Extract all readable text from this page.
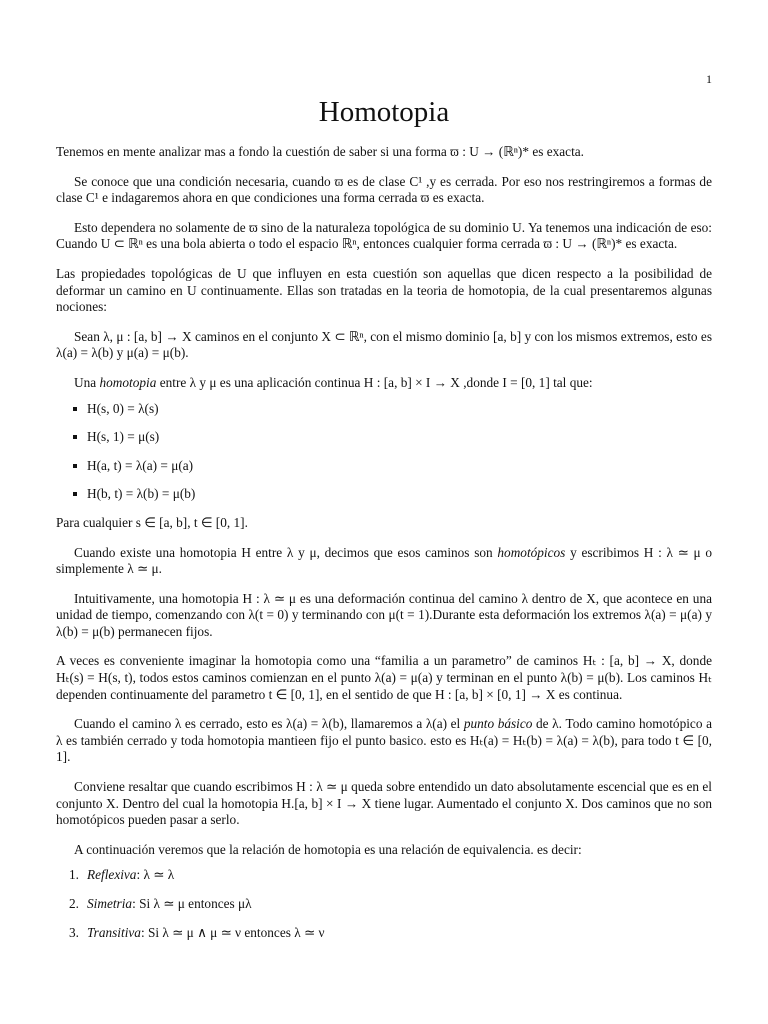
1
Homotopia

Tenemos en mente analizar mas a fondo la cuestión de saber si una forma ϖ : U → (ℝⁿ)* es exacta.

Se conoce que una condición necesaria, cuando ϖ es de clase C¹ ,y es cerrada. Por eso nos restringiremos a formas de clase C¹ e indagaremos ahora en que condiciones una forma cerrada ϖ es exacta.

Esto dependera no solamente de ϖ sino de la naturaleza topológica de su dominio U. Ya tenemos una indicación de eso: Cuando U ⊂ ℝⁿ es una bola abierta o todo el espacio ℝⁿ, entonces cualquier forma cerrada ϖ : U → (ℝⁿ)* es exacta.

Las propiedades topológicas de U que influyen en esta cuestión son aquellas que dicen respecto a la posibilidad de deformar un camino en U continuamente. Ellas son tratadas en la teoria de homotopia, de la cual presentaremos algunas nociones:

Sean λ, μ : [a, b] → X caminos en el conjunto X ⊂ ℝⁿ, con el mismo dominio [a, b] y con los mismos extremos, esto es λ(a) = λ(b) y μ(a) = μ(b).

Una homotopia entre λ y μ es una aplicación continua H : [a, b] × I → X ,donde I = [0, 1] tal que:

H(s, 0) = λ(s)
H(s, 1) = μ(s)
H(a, t) = λ(a) = μ(a)
H(b, t) = λ(b) = μ(b)

Para cualquier s ∈ [a, b], t ∈ [0, 1].

Cuando existe una homotopia H entre λ y μ, decimos que esos caminos son homotópicos y escribimos H : λ ≃ μ o simplemente λ ≃ μ.

Intuitivamente, una homotopia H : λ ≃ μ es una deformación continua del camino λ dentro de X, que acontece en una unidad de tiempo, comenzando con λ(t = 0) y terminando con μ(t = 1).Durante esta deformación los extremos λ(a) = μ(a) y λ(b) = μ(b) permanecen fijos.

A veces es conveniente imaginar la homotopia como una “familia a un parametro” de caminos Hₜ : [a, b] → X, donde Hₜ(s) = H(s, t), todos estos caminos comienzan en el punto λ(a) = μ(a) y terminan en el punto λ(b) = μ(b). Los caminos Hₜ dependen continuamente del parametro t ∈ [0, 1], en el sentido de que H : [a, b] × [0, 1] → X es continua.

Cuando el camino λ es cerrado, esto es λ(a) = λ(b), llamaremos a λ(a) el punto básico de λ. Todo camino homotópico a λ es también cerrado y toda homotopia mantieen fijo el punto basico. esto es Hₜ(a) = Hₜ(b) = λ(a) = λ(b), para todo t ∈ [0, 1].

Conviene resaltar que cuando escribimos H : λ ≃ μ queda sobre entendido un dato absolutamente escencial que es en el conjunto X. Dentro del cual la homotopia H.[a, b] × I → X tiene lugar. Aumentado el conjunto X. Dos caminos que no son homotópicos pueden pasar a serlo.

A continuación veremos que la relación de homotopia es una relación de equivalencia. es decir:

1. Reflexiva: λ ≃ λ
2. Simetria: Si λ ≃ μ entonces μλ
3. Transitiva: Si λ ≃ μ ∧ μ ≃ ν entonces λ ≃ ν
